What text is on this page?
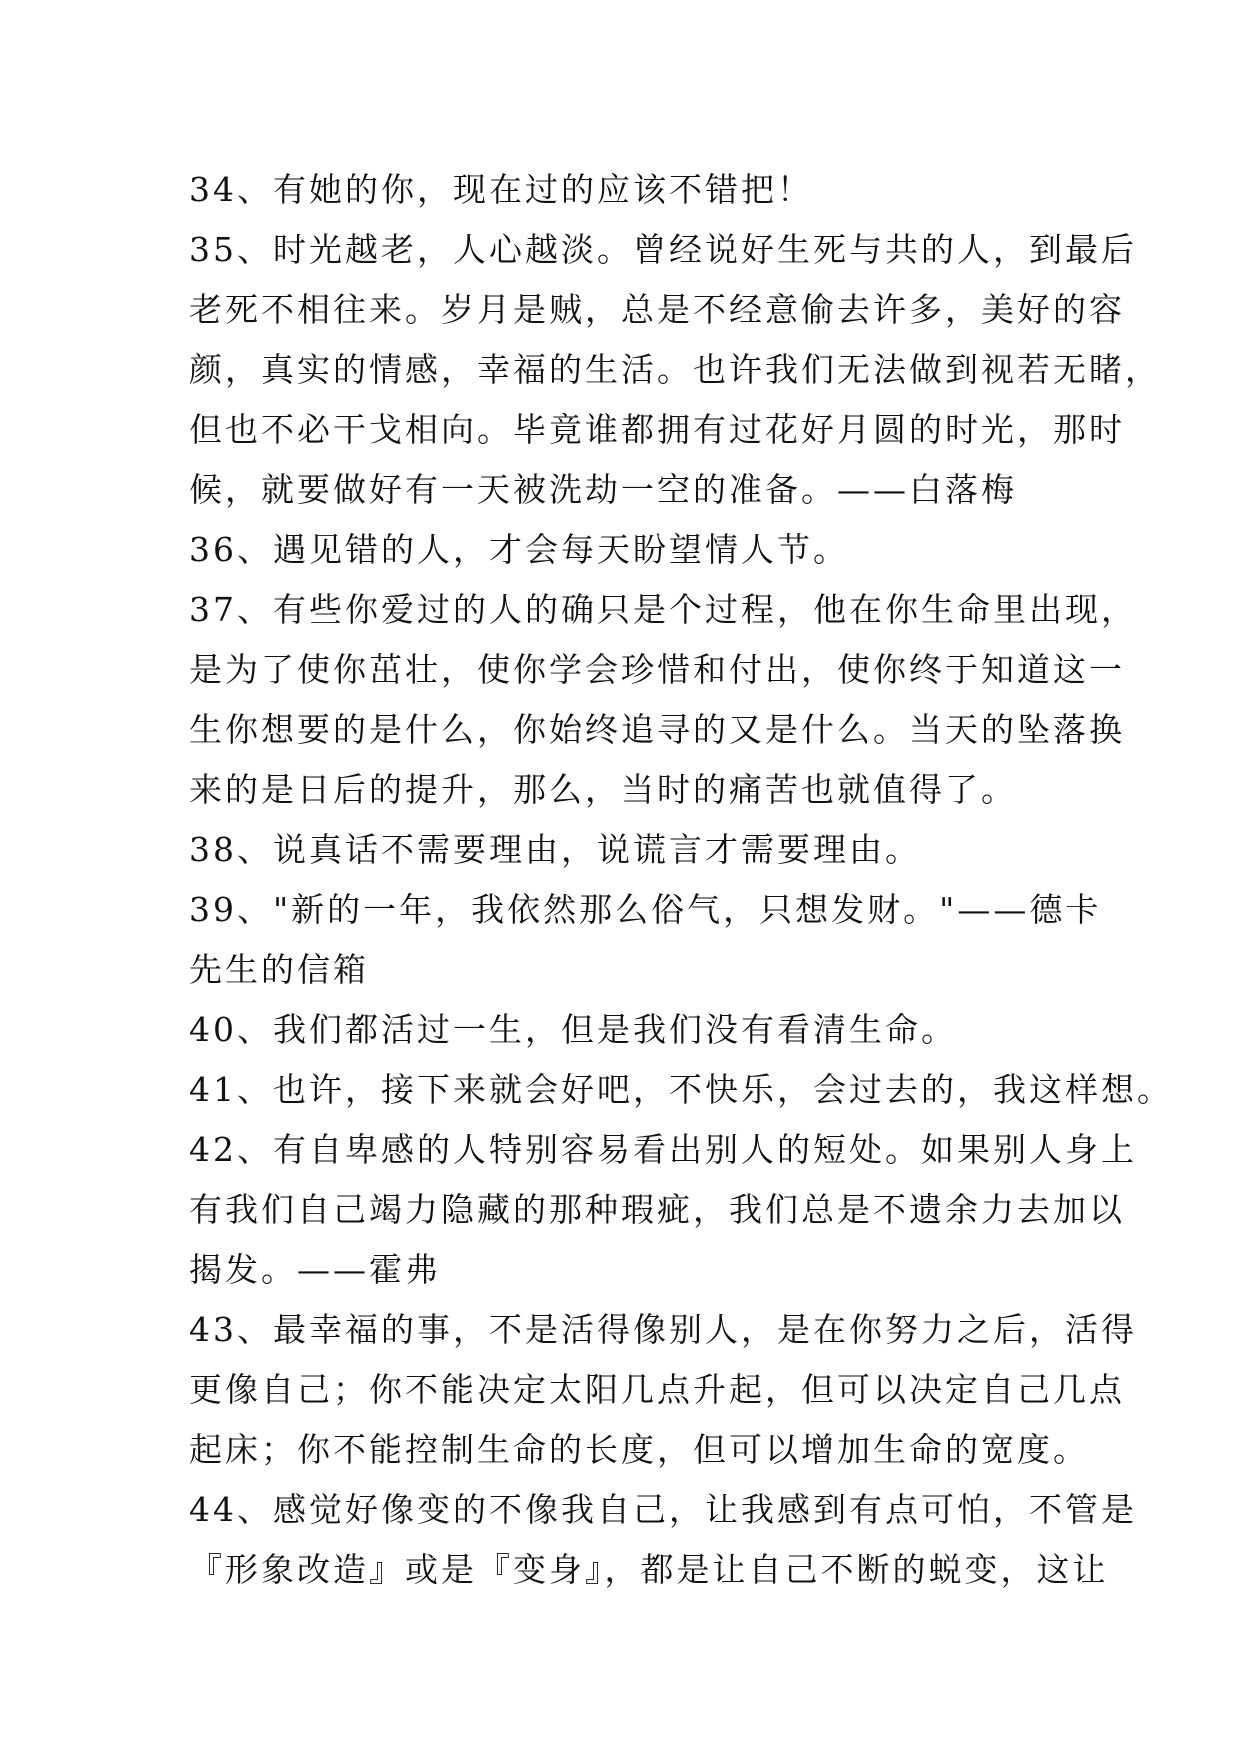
34、有她的你，现在过的应该不错把！
35、时光越老，人心越淡。曾经说好生死与共的人，到最后
老死不相往来。岁月是贼，总是不经意偷去许多，美好的容
颜，真实的情感，幸福的生活。也许我们无法做到视若无睹，
但也不必干戈相向。毕竟谁都拥有过花好月圆的时光，那时
候，就要做好有一天被洗劫一空的准备。——白落梅
36、遇见错的人，才会每天盼望情人节。
37、有些你爱过的人的确只是个过程，他在你生命里出现，
是为了使你茁壮，使你学会珍惜和付出，使你终于知道这一
生你想要的是什么，你始终追寻的又是什么。当天的坠落换
来的是日后的提升，那么，当时的痛苦也就值得了。
38、说真话不需要理由，说谎言才需要理由。
39、"新的一年，我依然那么俗气，只想发财。"——德卡
先生的信箱
40、我们都活过一生，但是我们没有看清生命。
41、也许，接下来就会好吧，不快乐，会过去的，我这样想。
42、有自卑感的人特别容易看出别人的短处。如果别人身上
有我们自己竭力隐藏的那种瑕疵，我们总是不遗余力去加以
揭发。——霍弗
43、最幸福的事，不是活得像别人，是在你努力之后，活得
更像自己；你不能决定太阳几点升起，但可以决定自己几点
起床；你不能控制生命的长度，但可以增加生命的宽度。
44、感觉好像变的不像我自己，让我感到有点可怕，不管是
『形象改造』或是『变身』，都是让自己不断的蜕变，这让
